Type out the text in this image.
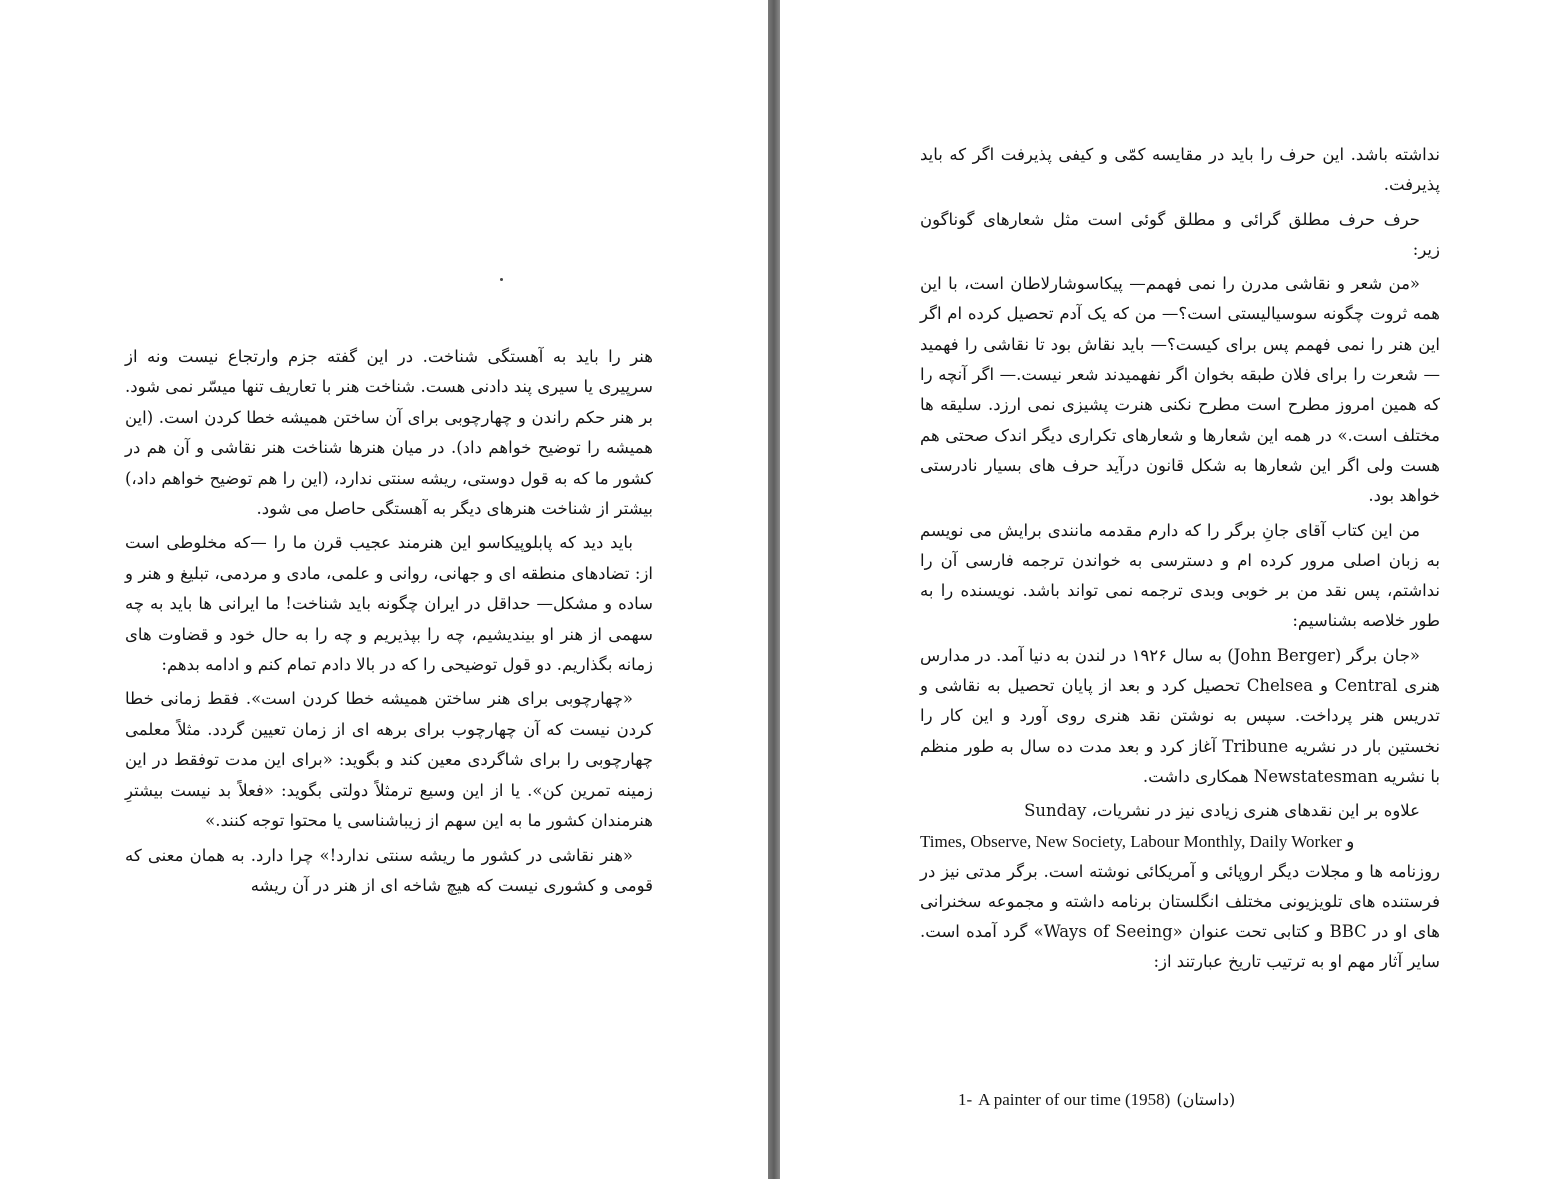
هنر را باید به آهستگی شناخت. در این گفته جزم وارتجاع نیست ونه از سرپیری یا سیری پند دادنی هست. شناخت هنر با تعاریف تنها میسّر نمی شود. بر هنر حکم راندن و چهارچوبی برای آن ساختن همیشه خطا کردن است. (این همیشه را توضیح خواهم داد). در میان هنرها شناخت هنر نقاشی و آن هم در کشور ما که به قول دوستی، ریشه سنتی ندارد، (این را هم توضیح خواهم داد،) بیشتر از شناخت هنرهای دیگر به آهستگی حاصل می شود.

باید دید که پابلوپیکاسو این هنرمند عجیب قرن ما را —که مخلوطی است از: تضادهای منطقه ای و جهانی، روانی و علمی، مادی و مردمی، تبلیغ و هنر و ساده و مشکل— حداقل در ایران چگونه باید شناخت! ما ایرانی ها باید به چه سهمی از هنر او بیندیشیم، چه را بپذیریم و چه را به حال خود و قضاوت های زمانه بگذاریم. دو قول توضیحی را که در بالا دادم تمام کنم و ادامه بدهم:

«چهارچوبی برای هنر ساختن همیشه خطا کردن است». فقط زمانی خطا کردن نیست که آن چهارچوب برای برهه ای از زمان تعیین گردد. مثلاً معلمی چهارچوبی را برای شاگردی معین کند و بگوید: «برای این مدت توفقط در این زمینه تمرین کن». یا از این وسیع ترمثلاً دولتی بگوید: «فعلاً بد نیست بیشترِ هنرمندان کشور ما به این سهم از زیباشناسی یا محتوا توجه کنند.»

«هنر نقاشی در کشور ما ریشه سنتی ندارد!» چرا دارد. به همان معنی که قومی و کشوری نیست که هیچ شاخه ای از هنر در آن ریشه

نداشته باشد. این حرف را باید در مقایسه کمّی و کیفی پذیرفت اگر که باید پذیرفت.

حرف حرف مطلق گرائی و مطلق گوئی است مثل شعارهای گوناگون زیر:

«من شعر و نقاشی مدرن را نمی فهمم— پیکاسوشارلاطان است، با این همه ثروت چگونه سوسیالیستی است؟— من که یک آدم تحصیل کرده ام اگر این هنر را نمی فهمم پس برای کیست؟— باید نقاش بود تا نقاشی را فهمید— شعرت را برای فلان طبقه بخوان اگر نفهمیدند شعر نیست.— اگر آنچه را که همین امروز مطرح است مطرح نکنی هنرت پشیزی نمی ارزد. سلیقه ها مختلف است.» در همه این شعارها و شعارهای تکراری دیگر اندک صحتی هم هست ولی اگر این شعارها به شکل قانون درآید حرف های بسیار نادرستی خواهد بود.

من این کتاب آقای جانِ برگر را که دارم مقدمه مانندی برایش می نویسم به زبان اصلی مرور کرده ام و دسترسی به خواندن ترجمه فارسی آن را نداشتم، پس نقد من بر خوبی وبدی ترجمه نمی تواند باشد. نویسنده را به طور خلاصه بشناسیم:

«جان برگر (John Berger) به سال ۱۹۲۶ در لندن به دنیا آمد. در مدارس هنری Central و Chelsea تحصیل کرد و بعد از پایان تحصیل به نقاشی و تدریس هنر پرداخت. سپس به نوشتن نقد هنری روی آورد و این کار را نخستین بار در نشریه Tribune آغاز کرد و بعد مدت ده سال به طور منظم با نشریه Newstatesman همکاری داشت.

علاوه بر این نقدهای هنری زیادی نیز در نشریات، Sunday

Times, Observe, New Society, Labour Monthly, Daily Worker و

روزنامه ها و مجلات دیگر اروپائی و آمریکائی نوشته است. برگر مدتی نیز در فرستنده های تلویزیونی مختلف انگلستان برنامه داشته و مجموعه سخنرانی های او در BBC و کتابی تحت عنوان «Ways of Seeing» گرد آمده است. سایر آثار مهم او به ترتیب تاریخ عبارتند از:

1- A painter of our time (1958) (داستان)
